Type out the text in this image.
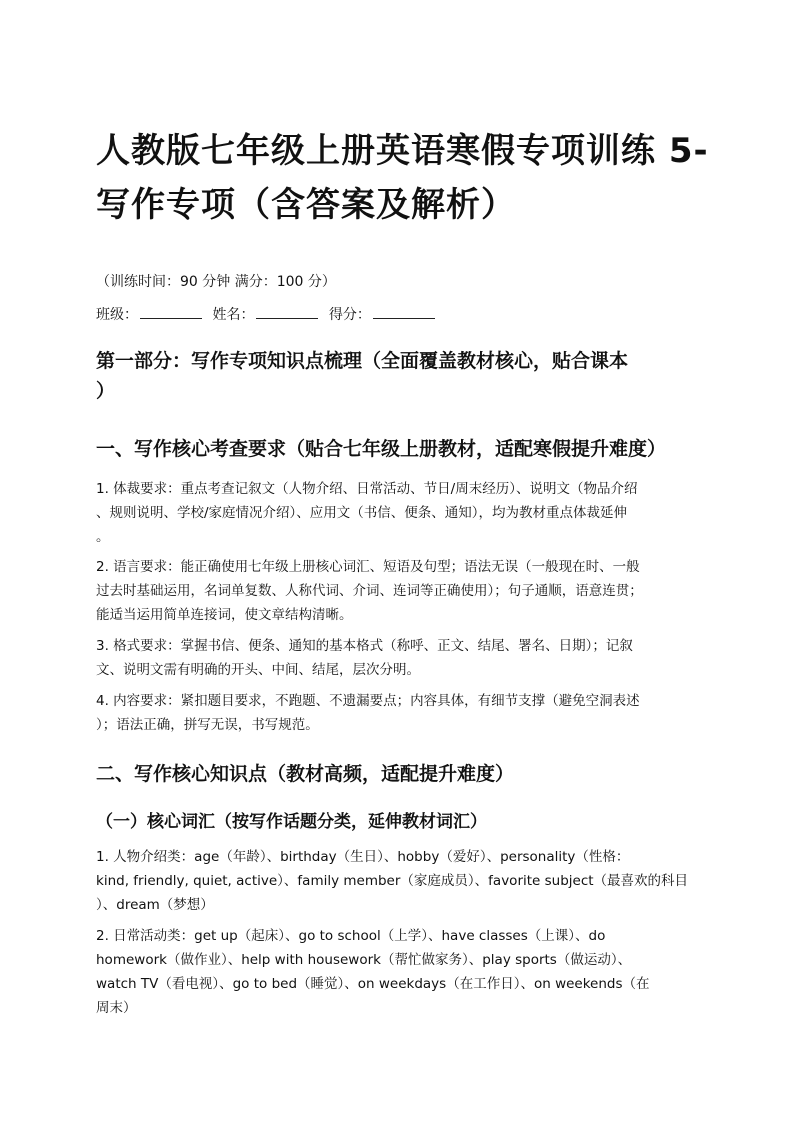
人教版七年级上册英语寒假专项训练 5-
写作专项（含答案及解析）
（训练时间：90 分钟 满分：100 分）
班级：	姓名：	得分：
第一部分：写作专项知识点梳理（全面覆盖教材核心，贴合课本
）
一、写作核心考查要求（贴合七年级上册教材，适配寒假提升难度）

1. 体裁要求：重点考查记叙文（人物介绍、日常活动、节日/周末经历）、说明文（物品介绍
、规则说明、学校/家庭情况介绍）、应用文（书信、便条、通知），均为教材重点体裁延伸
。

2. 语言要求：能正确使用七年级上册核心词汇、短语及句型；语法无误（一般现在时、一般
过去时基础运用，名词单复数、人称代词、介词、连词等正确使用）；句子通顺，语意连贯；
能适当运用简单连接词，使文章结构清晰。

3. 格式要求：掌握书信、便条、通知的基本格式（称呼、正文、结尾、署名、日期）；记叙
文、说明文需有明确的开头、中间、结尾，层次分明。

4. 内容要求：紧扣题目要求，不跑题、不遗漏要点；内容具体，有细节支撑（避免空洞表述
）；语法正确，拼写无误，书写规范。

二、写作核心知识点（教材高频，适配提升难度）
（一）核心词汇（按写作话题分类，延伸教材词汇）

1. 人物介绍类：age（年龄）、birthday（生日）、hobby（爱好）、personality（性格：
kind, friendly, quiet, active）、family member（家庭成员）、favorite subject（最喜欢的科目
）、dream（梦想）

2. 日常活动类：get up（起床）、go to school（上学）、have classes（上课）、do
homework（做作业）、help with housework（帮忙做家务）、play sports（做运动）、
watch TV（看电视）、go to bed（睡觉）、on weekdays（在工作日）、on weekends（在
周末）
